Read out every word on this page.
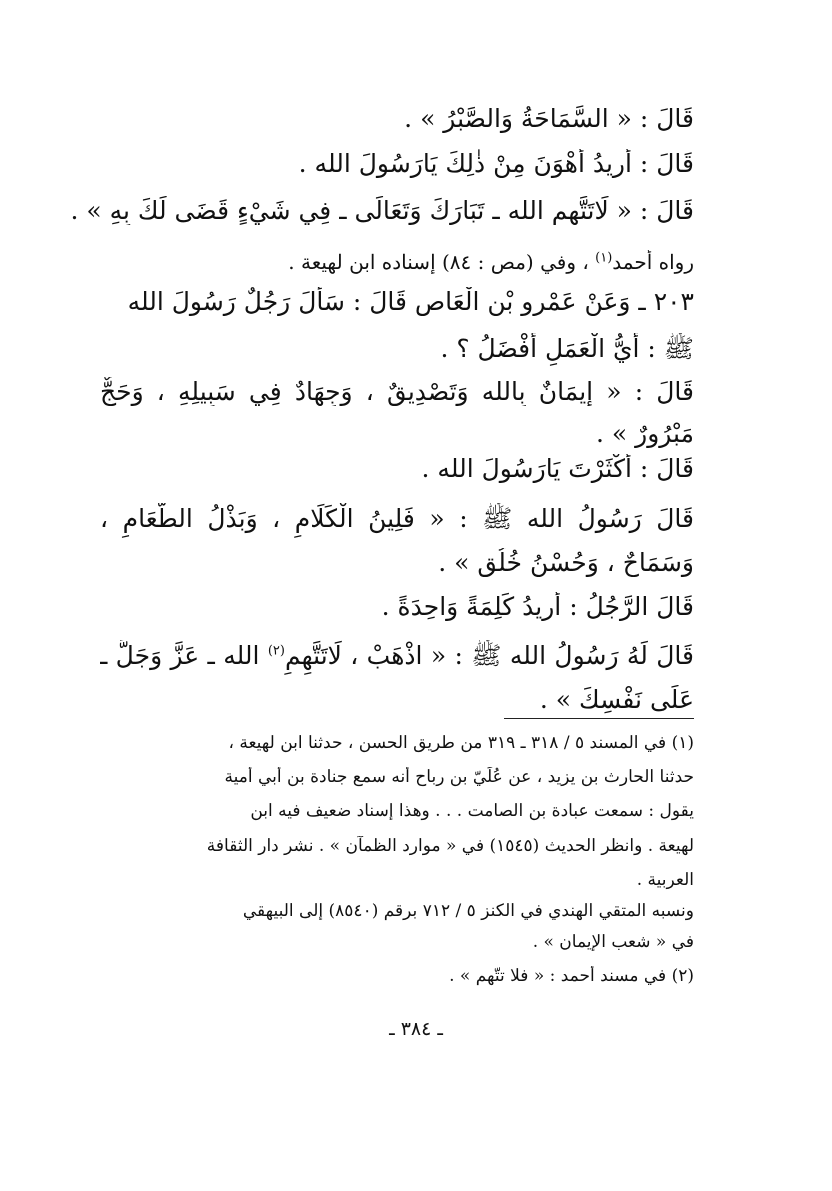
قَالَ : « السَّمَاحَةُ وَالصَّبْرُ » .
قَالَ : أُرِيدُ أَهْوَنَ مِنْ ذٰلِكَ يَارَسُولَ الله .
قَالَ : « لَاتَتَّهِمِ الله ـ تَبَارَكَ وَتَعَالَى ـ فِي شَيْءٍ قَضَى لَكَ بِهِ » .
رواه أحمد$^{(١)}$ ، وفي (مص : ٨٤) إسناده ابن لهيعة .
٢٠٣ ـ وَعَنْ عَمْرِو بْنِ الْعَاصِ قَالَ : سَأَلَ رَجُلٌ رَسُولَ الله
ﷺ : أَيُّ الْعَمَلِ أَفْضَلُ ؟ .
قَالَ : « إِيمَانٌ بِالله وَتَصْدِيقٌ ، وَجِهَادٌ فِي سَبِيلِهِ ، وَحَجٌّ
مَبْرُورٌ » .
قَالَ : أَكْثَرْتَ يَارَسُولَ الله .
قَالَ رَسُولُ الله ﷺ : « فَلِينُ الْكَلَامِ ، وَبَذْلُ الطَّعَامِ ،
وَسَمَاحٌ ، وَحُسْنُ خُلُقٍ » .
قَالَ الرَّجُلُ : أُرِيدُ كَلِمَةً وَاحِدَةً .
قَالَ لَهُ رَسُولُ الله ﷺ : « اذْهَبْ ، لَاتَتَّهِمِ$^{(٢)}$ الله ـ عَزَّ وَجَلَّ ـ
عَلَى نَفْسِكَ » .
(١) في المسند ٥ / ٣١٨ ـ ٣١٩ من طريق الحسن ، حدثنا ابن لهيعة ،
حدثنا الحارث بن يزيد ، عن عُلَيّ بن رباح أنه سمع جنادة بن أبي أمية
يقول : سمعت عبادة بن الصامت . . . وهذا إسناد ضعيف فيه ابن
لهيعة . وانظر الحديث (١٥٤٥) في « موارد الظمآن » . نشر دار الثقافة
العربية .
ونسبه المتقي الهندي في الكنز ٥ / ٧١٢ برقم (٨٥٤٠) إلى البيهقي
في « شعب الإيمان » .
(٢) في مسند أحمد : « فلا تتّهم » .
ـ ٣٨٤ ـ
